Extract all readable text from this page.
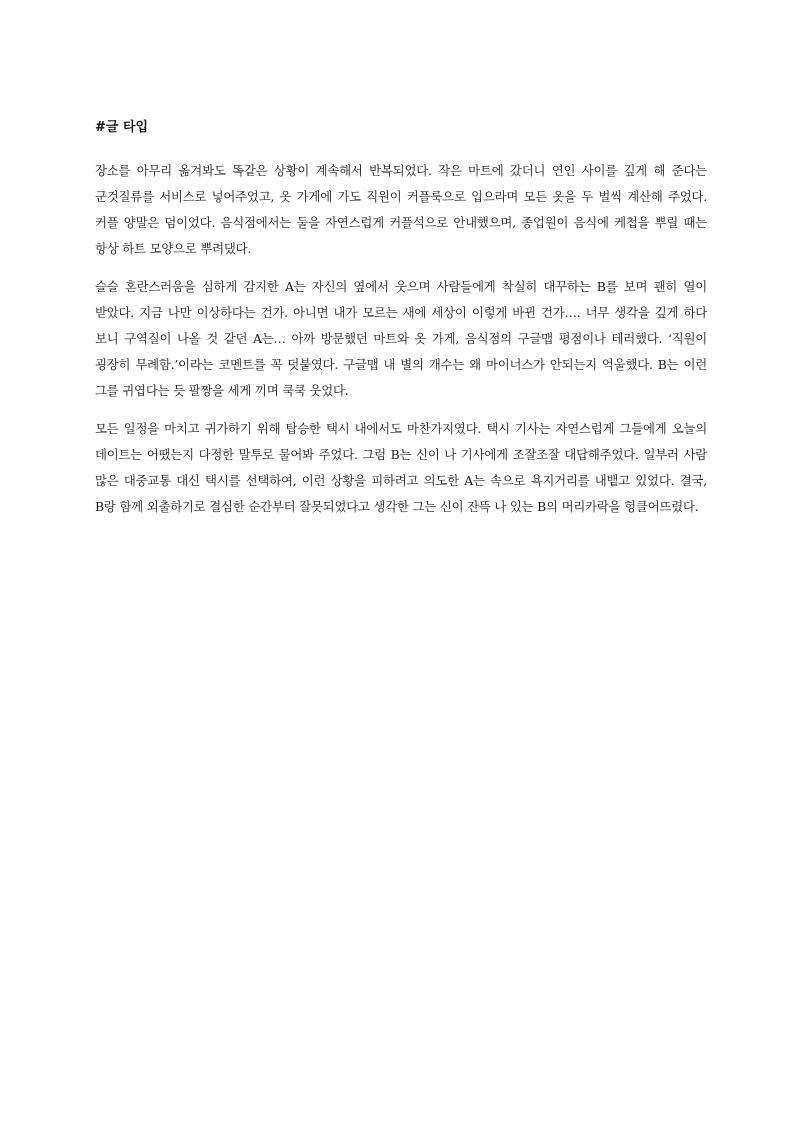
#글 타입

장소를 아무리 옮겨봐도 똑같은 상황이 계속해서 반복되었다. 작은 마트에 갔더니 연인 사이를 깊게 해 준다는 군것질류를 서비스로 넣어주었고, 옷 가게에 가도 직원이 커플룩으로 입으라며 모든 옷을 두 벌씩 계산해 주었다. 커플 양말은 덤이었다. 음식점에서는 둘을 자연스럽게 커플석으로 안내했으며, 종업원이 음식에 케첩을 뿌릴 때는 항상 하트 모양으로 뿌려댔다.

슬슬 혼란스러움을 심하게 감지한 A는 자신의 옆에서 웃으며 사람들에게 착실히 대꾸하는 B를 보며 괜히 열이 받았다. 지금 나만 이상하다는 건가. 아니면 내가 모르는 새에 세상이 이렇게 바뀐 건가…. 너무 생각을 깊게 하다 보니 구역질이 나올 것 같던 A는… 아까 방문했던 마트와 옷 가게, 음식점의 구글맵 평점이나 테러했다. ‘직원이 굉장히 무례함.’이라는 코멘트를 꼭 덧붙였다. 구글맵 내 별의 개수는 왜 마이너스가 안되는지 억울했다. B는 이런 그를 귀엽다는 듯 팔짱을 세게 끼며 쿡쿡 웃었다.

모든 일정을 마치고 귀가하기 위해 탑승한 택시 내에서도 마찬가지였다. 택시 기사는 자연스럽게 그들에게 오늘의 데이트는 어땠는지 다정한 말투로 물어봐 주었다. 그럼 B는 신이 나 기사에게 조잘조잘 대답해주었다. 일부러 사람 많은 대중교통 대신 택시를 선택하여, 이런 상황을 피하려고 의도한 A는 속으로 욕지거리를 내뱉고 있었다. 결국, B랑 함께 외출하기로 결심한 순간부터 잘못되었다고 생각한 그는 신이 잔뜩 나 있는 B의 머리카락을 헝클어뜨렸다.
